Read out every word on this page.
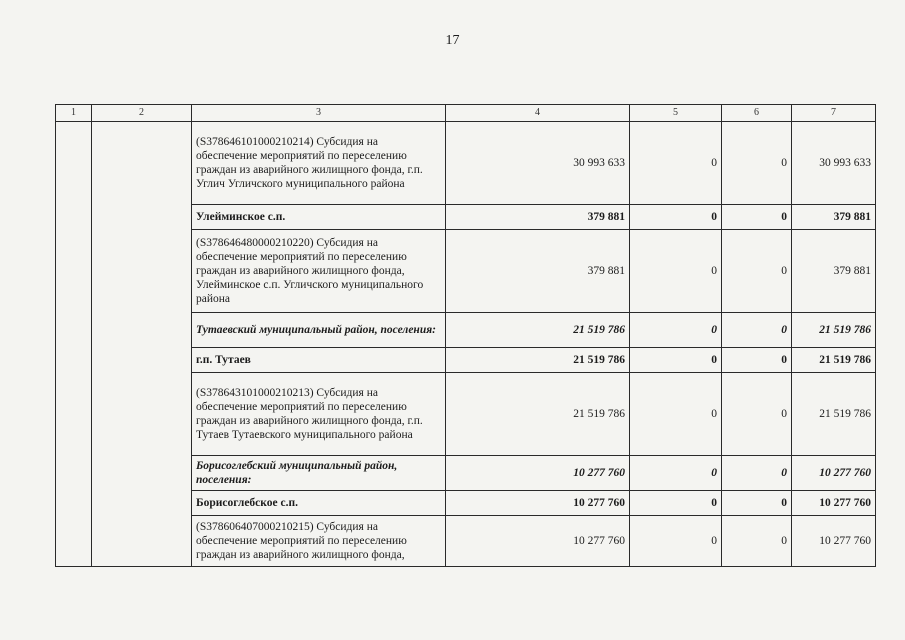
17
1	2	3	4	5	6	7
		(S378646101000210214) Субсидия на обеспечение мероприятий по переселению граждан из аварийного жилищного фонда, г.п. Углич Угличского муниципального района	30 993 633	0	0	30 993 633
		Улейминское с.п.	379 881	0	0	379 881
		(S378646480000210220) Субсидия на обеспечение мероприятий по переселению граждан из аварийного жилищного фонда, Улейминское с.п. Угличского муниципального района	379 881	0	0	379 881
		Тутаевский муниципальный район, поселения:	21 519 786	0	0	21 519 786
		г.п. Тутаев	21 519 786	0	0	21 519 786
		(S378643101000210213) Субсидия на обеспечение мероприятий по переселению граждан из аварийного жилищного фонда, г.п. Тутаев Тутаевского муниципального района	21 519 786	0	0	21 519 786
		Борисоглебский муниципальный район, поселения:	10 277 760	0	0	10 277 760
		Борисоглебское с.п.	10 277 760	0	0	10 277 760
		(S378606407000210215) Субсидия на обеспечение мероприятий по переселению граждан из аварийного жилищного фонда,	10 277 760	0	0	10 277 760
